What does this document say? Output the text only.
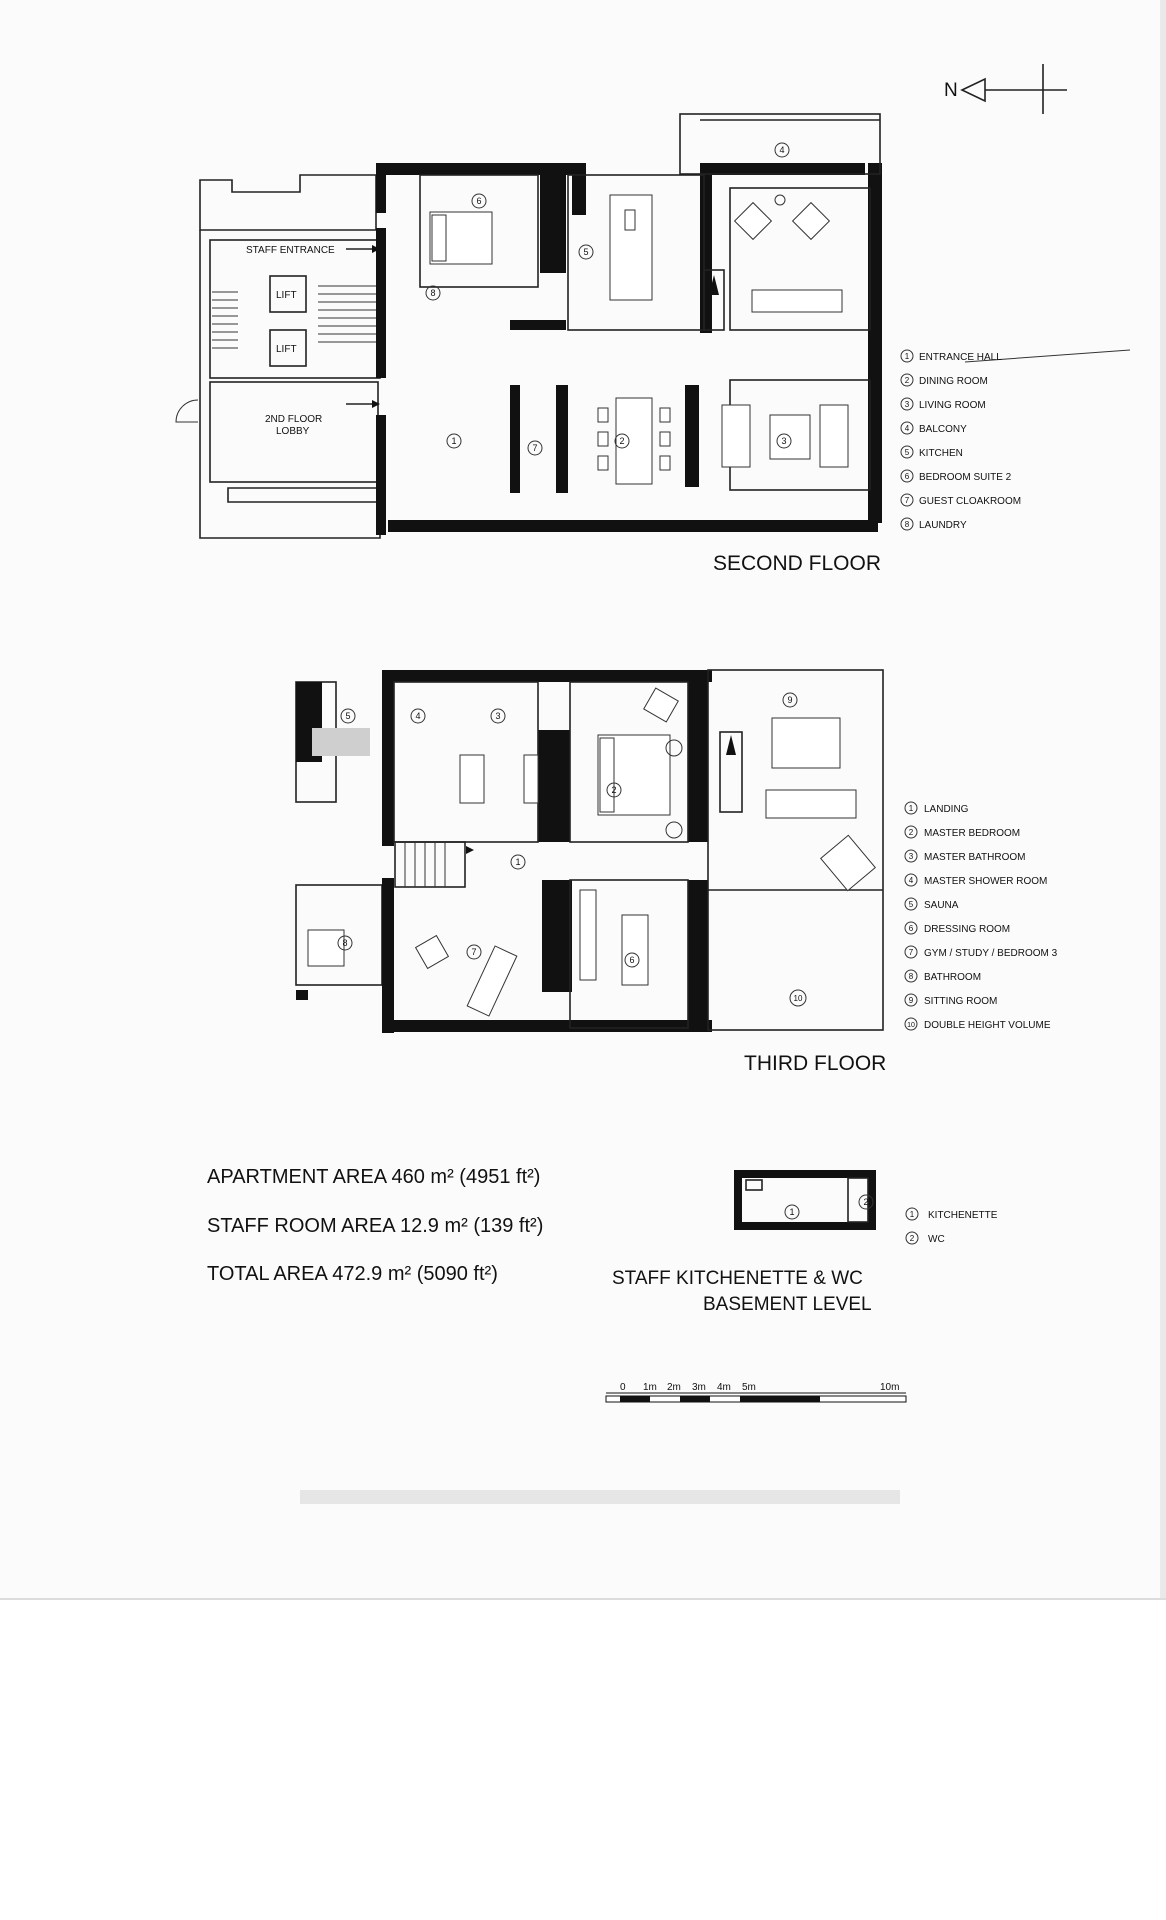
N
STAFF ENTRANCE
LIFT
LIFT
2ND FLOOR
LOBBY
1	2	3
4
5
6
7
8
SECOND FLOOR
1
2
3
4
5
6
7
8
ENTRANCE HALL
DINING ROOM
LIVING ROOM
BALCONY
KITCHEN
BEDROOM SUITE 2
GUEST CLOAKROOM
LAUNDRY
1
2
3
4
5
6
7
8
9
10
THIRD FLOOR
1
2
3
4
5
6
7
8
9
10
LANDING
MASTER BEDROOM
MASTER BATHROOM
MASTER SHOWER ROOM
SAUNA
DRESSING ROOM
GYM / STUDY / BEDROOM 3
BATHROOM
SITTING ROOM
DOUBLE HEIGHT VOLUME
APARTMENT AREA 460 m² (4951 ft²)
STAFF ROOM AREA 12.9 m² (139 ft²)
TOTAL AREA 472.9 m² (5090 ft²)
1
2
STAFF KITCHENETTE & WC
BASEMENT LEVEL
1
2
KITCHENETTE
WC
0 1m 2m 3m 4m 5m	10m
